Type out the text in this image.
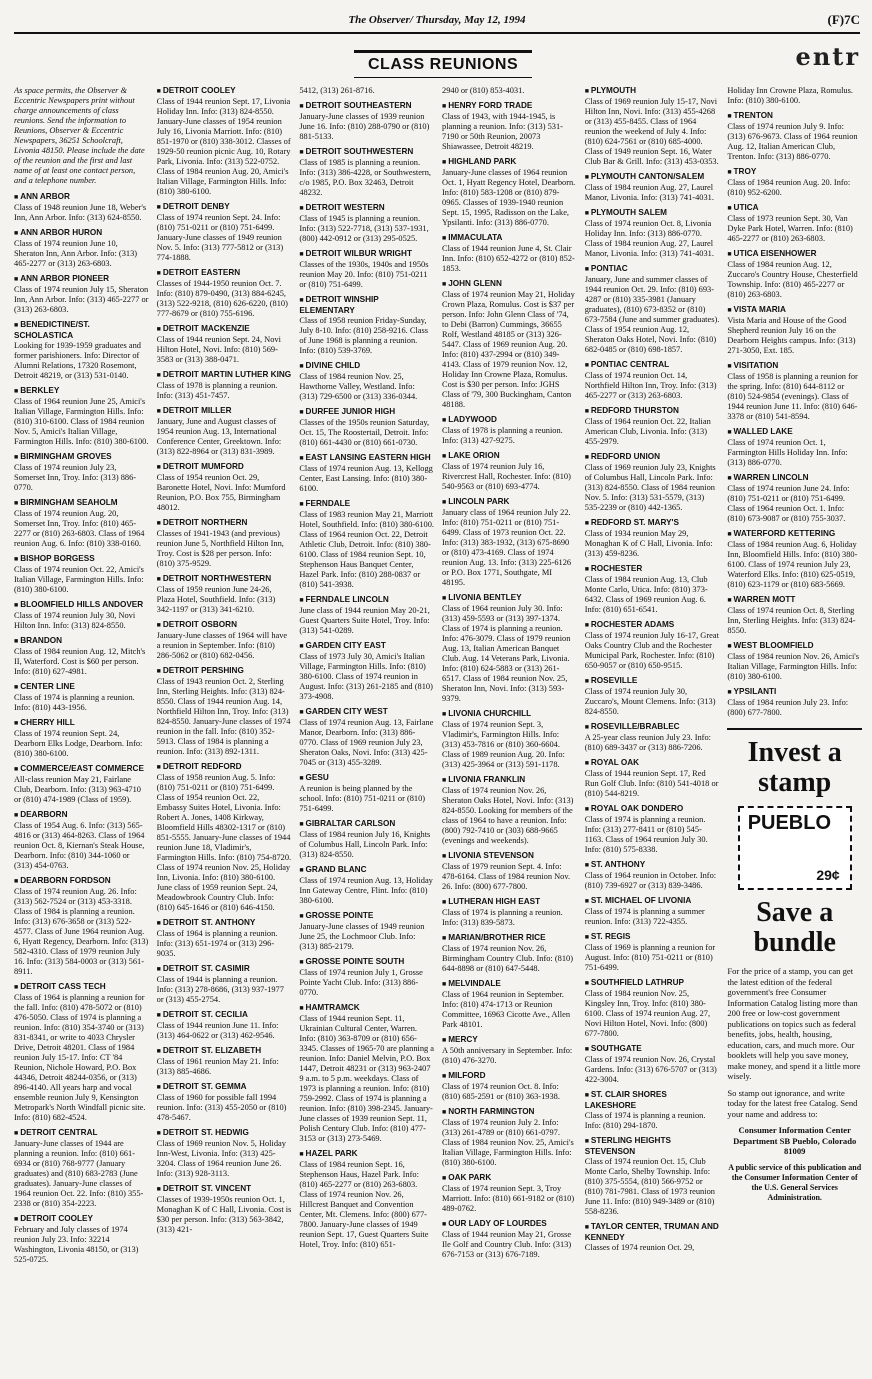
The Observer/ Thursday, May 12, 1994	(F)7C
CLASS REUNIONS	entr
As space permits, the Observer & Eccentric Newspapers print without charge announcements of class reunions. Send the information to Reunions, Observer & Eccentric Newspapers, 36251 Schoolcraft, Livonia 48150. Please include the date of the reunion and the first and last name of at least one contact person, and a telephone number.
■ ANN ARBOR

Class of 1948 reunion June 18, Weber's Inn, Ann Arbor. Info: (313) 624-8550.

■ ANN ARBOR HURON

Class of 1974 reunion June 10, Sheraton Inn, Ann Arbor. Info: (313) 465-2277 or (313) 263-6803.

■ ANN ARBOR PIONEER

Class of 1974 reunion July 15, Sheraton Inn, Ann Arbor. Info: (313) 465-2277 or (313) 263-6803.

■ BENEDICTINE/ST. SCHOLASTICA

Looking for 1939-1959 graduates and former parishioners. Info: Director of Alumni Relations, 17320 Rosemont, Detroit 48219, or (313) 531-0140.

■ BERKLEY

Class of 1964 reunion June 25, Amici's Italian Village, Farmington Hills. Info: (810) 310-6100. Class of 1984 reunion Nov. 5, Amici's Italian Village, Farmington Hills. Info: (810) 380-6100.

■ BIRMINGHAM GROVES

Class of 1974 reunion July 23, Somerset Inn, Troy. Info: (313) 886-0770.

■ BIRMINGHAM SEAHOLM

Class of 1974 reunion Aug. 20, Somerset Inn, Troy. Info: (810) 465-2277 or (810) 263-6803. Class of 1964 reunion Aug. 6. Info: (810) 338-0160.

■ BISHOP BORGESS

Class of 1974 reunion Oct. 22, Amici's Italian Village, Farmington Hills. Info: (810) 380-6100.

■ BLOOMFIELD HILLS ANDOVER

Class of 1974 reunion July 30, Novi Hilton Inn. Info: (313) 824-8550.

■ BRANDON

Class of 1984 reunion Aug. 12, Mitch's II, Waterford. Cost is $60 per person. Info: (810) 627-4981.

■ CENTER LINE

Class of 1974 is planning a reunion. Info: (810) 443-1956.

■ CHERRY HILL

Class of 1974 reunion Sept. 24, Dearborn Elks Lodge, Dearborn. Info: (810) 380-6100.

■ COMMERCE/EAST COMMERCE

All-class reunion May 21, Fairlane Club, Dearborn. Info: (313) 963-4710 or (810) 474-1989 (Class of 1959).

■ DEARBORN

Class of 1954 Aug. 6. Info: (313) 565-4816 or (313) 464-8263. Class of 1964 reunion Oct. 8, Kiernan's Steak House, Dearborn. Info: (810) 344-1060 or (313) 454-0763.

■ DEARBORN FORDSON

Class of 1974 reunion Aug. 26. Info: (313) 562-7524 or (313) 453-3318. Class of 1984 is planning a reunion. Info: (313) 676-3658 or (313) 522-4577. Class of June 1964 reunion Aug. 6, Hyatt Regency, Dearborn. Info: (313) 582-4310. Class of 1979 reunion July 16. Info: (313) 584-0003 or (313) 561-8911.

■ DETROIT CASS TECH

Class of 1964 is planning a reunion for the fall. Info: (810) 478-5072 or (810) 476-5050. Class of 1974 is planning a reunion. Info: (810) 354-3740 or (313) 831-8341, or write to 4033 Chrysler Drive, Detroit 48201. Class of 1984 reunion July 15-17. Info: CT '84 Reunion, Nichole Howard, P.O. Box 44346, Detroit 48244-0356, or (313) 896-4140. All years harp and vocal ensemble reunion July 9, Kensington Metropark's North Windfall picnic site. Info: (810) 682-4524.

■ DETROIT CENTRAL

January-June classes of 1944 are planning a reunion. Info: (810) 661-6934 or (810) 768-9777 (January graduates) and (810) 683-2783 (June graduates). January-June classes of 1964 reunion Oct. 22. Info: (810) 355-2338 or (810) 354-2223.

■ DETROIT COOLEY

February and July classes of 1974 reunion July 23. Info: 32214 Washington, Livonia 48150, or (313) 525-0725.

■ DETROIT COOLEY

Class of 1944 reunion Sept. 17, Livonia Holiday Inn. Info: (313) 824-8550. January-June classes of 1954 reunion July 16, Livonia Marriott. Info: (810) 851-1970 or (810) 338-3012. Classes of 1929-50 reunion picnic Aug. 10, Rotary Park, Livonia. Info: (313) 522-0752. Class of 1984 reunion Aug. 20, Amici's Italian Village, Farmington Hills. Info: (810) 380-6100.

■ DETROIT DENBY

Class of 1974 reunion Sept. 24. Info: (810) 751-0211 or (810) 751-6499. January-June classes of 1949 reunion Nov. 5. Info: (313) 777-5812 or (313) 774-1888.

■ DETROIT EASTERN

Classes of 1944-1950 reunion Oct. 7. Info: (810) 879-0490, (313) 884-6245, (313) 522-9218, (810) 626-6220, (810) 777-8679 or (810) 755-6196.

■ DETROIT MACKENZIE

Class of 1944 reunion Sept. 24, Novi Hilton Hotel, Novi. Info: (810) 569-3583 or (313) 388-0471.

■ DETROIT MARTIN LUTHER KING

Class of 1978 is planning a reunion. Info: (313) 451-7457.

■ DETROIT MILLER

January, June and August classes of 1954 reunion Aug. 13, International Conference Center, Greektown. Info: (313) 822-8964 or (313) 831-3989.

■ DETROIT MUMFORD

Class of 1954 reunion Oct. 29, Baronette Hotel, Novi. Info: Mumford Reunion, P.O. Box 755, Birmingham 48012.

■ DETROIT NORTHERN

Classes of 1941-1943 (and previous) reunion June 5, Northfield Hilton Inn, Troy. Cost is $28 per person. Info: (810) 375-9529.

■ DETROIT NORTHWESTERN

Class of 1959 reunion June 24-26, Plaza Hotel, Southfield. Info: (313) 342-1197 or (313) 341-6210.

■ DETROIT OSBORN

January-June classes of 1964 will have a reunion in September. Info: (810) 286-5062 or (810) 682-0456.

■ DETROIT PERSHING

Class of 1943 reunion Oct. 2, Sterling Inn, Sterling Heights. Info: (313) 824-8550. Class of 1944 reunion Aug. 14, Northfield Hilton Inn, Troy. Info: (313) 824-8550. January-June classes of 1974 reunion in the fall. Info: (810) 352-5913. Class of 1984 is planning a reunion. Info: (313) 892-1311.

■ DETROIT REDFORD

Class of 1958 reunion Aug. 5. Info: (810) 751-0211 or (810) 751-6499. Class of 1954 reunion Oct. 22, Embassy Suites Hotel, Livonia. Info: Robert A. Jones, 1408 Kirkway, Bloomfield Hills 48302-1317 or (810) 851-5555. January-June classes of 1944 reunion June 18, Vladimir's, Farmington Hills. Info: (810) 754-8720. Class of 1974 reunion Nov. 25, Holiday Inn, Livonia. Info: (810) 380-6100. June class of 1959 reunion Sept. 24, Meadowbrook Country Club. Info: (810) 645-1646 or (810) 646-4150.

■ DETROIT ST. ANTHONY

Class of 1964 is planning a reunion. Info: (313) 651-1974 or (313) 296-9035.

■ DETROIT ST. CASIMIR

Class of 1944 is planning a reunion. Info: (313) 278-8686, (313) 937-1977 or (313) 455-2754.

■ DETROIT ST. CECILIA

Class of 1944 reunion June 11. Info: (313) 464-0622 or (313) 462-9546.

■ DETROIT ST. ELIZABETH

Class of 1961 reunion May 21. Info: (313) 885-4686.

■ DETROIT ST. GEMMA

Class of 1960 for possible fall 1994 reunion. Info: (313) 455-2050 or (810) 478-5467.

■ DETROIT ST. HEDWIG

Class of 1969 reunion Nov. 5, Holiday Inn-West, Livonia. Info: (313) 425-3204. Class of 1964 reunion June 26. Info: (313) 928-3113.

■ DETROIT ST. VINCENT

Classes of 1939-1950s reunion Oct. 1, Monaghan K of C Hall, Livonia. Cost is $30 per person. Info: (313) 563-3842, (313) 421-

5412, (313) 261-8716.

■ DETROIT SOUTHEASTERN

January-June classes of 1939 reunion June 16. Info: (810) 288-0790 or (810) 881-5133.

■ DETROIT SOUTHWESTERN

Class of 1985 is planning a reunion. Info: (313) 386-4228, or Southwestern, c/o 1985, P.O. Box 32463, Detroit 48232.

■ DETROIT WESTERN

Class of 1945 is planning a reunion. Info: (313) 522-7718, (313) 537-1931, (800) 442-0912 or (313) 295-0525.

■ DETROIT WILBUR WRIGHT

Classes of the 1930s, 1940s and 1950s reunion May 20. Info: (810) 751-0211 or (810) 751-6499.

■ DETROIT WINSHIP ELEMENTARY

Class of 1958 reunion Friday-Sunday, July 8-10. Info: (810) 258-9216. Class of June 1968 is planning a reunion. Info: (810) 539-3769.

■ DIVINE CHILD

Class of 1984 reunion Nov. 25, Hawthorne Valley, Westland. Info: (313) 729-6500 or (313) 336-0344.

■ DURFEE JUNIOR HIGH

Classes of the 1950s reunion Saturday, Oct. 15, The Roostertail, Detroit. Info: (810) 661-4430 or (810) 661-0730.

■ EAST LANSING EASTERN HIGH

Class of 1974 reunion Aug. 13, Kellogg Center, East Lansing. Info: (810) 380-6100.

■ FERNDALE

Class of 1983 reunion May 21, Marriott Hotel, Southfield. Info: (810) 380-6100. Class of 1964 reunion Oct. 22, Detroit Athletic Club, Detroit. Info: (810) 380-6100. Class of 1984 reunion Sept. 10, Stephenson Haus Banquet Center, Hazel Park. Info: (810) 288-0837 or (810) 541-3938.

■ FERNDALE LINCOLN

June class of 1944 reunion May 20-21, Guest Quarters Suite Hotel, Troy. Info: (313) 541-0289.

■ GARDEN CITY EAST

Class of 1973 July 30, Amici's Italian Village, Farmington Hills. Info: (810) 380-6100. Class of 1974 reunion in August. Info: (313) 261-2185 and (810) 373-4908.

■ GARDEN CITY WEST

Class of 1974 reunion Aug. 13, Fairlane Manor, Dearborn. Info: (313) 886-0770. Class of 1969 reunion July 23, Sheraton Oaks, Novi. Info: (313) 425-7045 or (313) 455-3289.

■ GESU

A reunion is being planned by the school. Info: (810) 751-0211 or (810) 751-6499.

■ GIBRALTAR CARLSON

Class of 1984 reunion July 16, Knights of Columbus Hall, Lincoln Park. Info: (313) 824-8550.

■ GRAND BLANC

Class of 1974 reunion Aug. 13, Holiday Inn Gateway Centre, Flint. Info: (810) 380-6100.

■ GROSSE POINTE

January-June classes of 1949 reunion June 25, the Lochmoor Club. Info: (313) 885-2179.

■ GROSSE POINTE SOUTH

Class of 1974 reunion July 1, Grosse Pointe Yacht Club. Info: (313) 886-0770.

■ HAMTRAMCK

Class of 1944 reunion Sept. 11, Ukrainian Cultural Center, Warren. Info: (810) 363-8709 or (810) 656-3345. Classes of 1965-70 are planning a reunion. Info: Daniel Melvin, P.O. Box 1447, Detroit 48231 or (313) 963-2407 9 a.m. to 5 p.m. weekdays. Class of 1973 is planning a reunion. Info: (810) 759-2992. Class of 1974 is planning a reunion. Info: (810) 398-2345. January-June classes of 1939 reunion Sept. 11, Polish Century Club. Info: (810) 477-3153 or (313) 273-5469.

■ HAZEL PARK

Class of 1984 reunion Sept. 16, Stephenson Haus, Hazel Park. Info: (810) 465-2277 or (810) 263-6803. Class of 1974 reunion Nov. 26, Hillcrest Banquet and Convention Center, Mt. Clemens. Info: (800) 677-7800. January-June classes of 1949 reunion Sept. 17, Guest Quarters Suite Hotel, Troy. Info: (810) 651-

2940 or (810) 853-4031.

■ HENRY FORD TRADE

Class of 1943, with 1944-1945, is planning a reunion. Info: (313) 531-7190 or 50th Reunion, 20073 Shiawassee, Detroit 48219.

■ HIGHLAND PARK

January-June classes of 1964 reunion Oct. 1, Hyatt Regency Hotel, Dearborn. Info: (810) 583-1208 or (810) 879-0965. Classes of 1939-1940 reunion Sept. 15, 1995, Radisson on the Lake, Ypsilanti. Info: (313) 886-0770.

■ IMMACULATA

Class of 1944 reunion June 4, St. Clair Inn. Info: (810) 652-4272 or (810) 852-1853.

■ JOHN GLENN

Class of 1974 reunion May 21, Holiday Crown Plaza, Romulus. Cost is $37 per person. Info: John Glenn Class of '74, to Debi (Barron) Cummings, 36655 Rolf, Westland 48185 or (313) 326-5447. Class of 1969 reunion Aug. 20. Info: (810) 437-2994 or (810) 349-4143. Class of 1979 reunion Nov. 12, Holiday Inn Crowne Plaza, Romulus. Cost is $30 per person. Info: JGHS Class of '79, 300 Buckingham, Canton 48188.

■ LADYWOOD

Class of 1978 is planning a reunion. Info: (313) 427-9275.

■ LAKE ORION

Class of 1974 reunion July 16, Rivercrest Hall, Rochester. Info: (810) 540-9563 or (810) 693-4774.

■ LINCOLN PARK

January class of 1964 reunion July 22. Info: (810) 751-0211 or (810) 751-6499. Class of 1973 reunion Oct. 22. Info: (313) 383-1932, (313) 675-8690 or (810) 473-4169. Class of 1974 reunion Aug. 13. Info: (313) 225-6126 or P.O. Box 1771, Southgate, MI 48195.

■ LIVONIA BENTLEY

Class of 1964 reunion July 30. Info: (313) 459-5593 or (313) 397-1374. Class of 1974 is planning a reunion. Info: 476-3079. Class of 1979 reunion Aug. 13, Italian American Banquet Club. Aug. 14 Veterans Park, Livonia. Info: (810) 624-5883 or (313) 261-6517. Class of 1984 reunion Nov. 25, Sheraton Inn, Novi. Info: (313) 593-9379.

■ LIVONIA CHURCHILL

Class of 1974 reunion Sept. 3, Vladimir's, Farmington Hills. Info: (313) 453-7816 or (810) 360-6604. Class of 1989 reunion Aug. 20. Info: (313) 425-3964 or (313) 591-1178.

■ LIVONIA FRANKLIN

Class of 1974 reunion Nov. 26, Sheraton Oaks Hotel, Novi. Info: (313) 824-8550. Looking for members of the class of 1964 to have a reunion. Info: (800) 792-7410 or (303) 688-9665 (evenings and weekends).

■ LIVONIA STEVENSON

Class of 1979 reunion Sept. 4. Info: 478-6164. Class of 1984 reunion Nov. 26. Info: (800) 677-7800.

■ LUTHERAN HIGH EAST

Class of 1974 is planning a reunion. Info: (313) 839-5873.

■ MARIAN/BROTHER RICE

Class of 1974 reunion Nov. 26, Birmingham Country Club. Info: (810) 644-8898 or (810) 647-5448.

■ MELVINDALE

Class of 1964 reunion in September. Info: (810) 474-1713 or Reunion Committee, 16963 Cicotte Ave., Allen Park 48101.

■ MERCY

A 50th anniversary in September. Info: (810) 476-3270.

■ MILFORD

Class of 1974 reunion Oct. 8. Info: (810) 685-2591 or (810) 363-1938.

■ NORTH FARMINGTON

Class of 1974 reunion July 2. Info: (313) 261-4789 or (810) 661-0797. Class of 1984 reunion Nov. 25, Amici's Italian Village, Farmington Hills. Info: (810) 380-6100.

■ OAK PARK

Class of 1974 reunion Sept. 3, Troy Marriott. Info: (810) 661-9182 or (810) 489-0762.

■ OUR LADY OF LOURDES

Class of 1944 reunion May 21, Grosse Ile Golf and Country Club. Info: (313) 676-7153 or (313) 676-7189.

■ PLYMOUTH

Class of 1969 reunion July 15-17, Novi Hilton Inn, Novi. Info: (313) 455-4268 or (313) 455-8455. Class of 1964 reunion the weekend of July 4. Info: (810) 624-7561 or (810) 685-4000. Class of 1949 reunion Sept. 16, Water Club Bar & Grill. Info: (313) 453-0353.

■ PLYMOUTH CANTON/SALEM

Class of 1984 reunion Aug. 27, Laurel Manor, Livonia. Info: (313) 741-4031.

■ PLYMOUTH SALEM

Class of 1974 reunion Oct. 8, Livonia Holiday Inn. Info: (313) 886-0770. Class of 1984 reunion Aug. 27, Laurel Manor, Livonia. Info: (313) 741-4031.

■ PONTIAC

January, June and summer classes of 1944 reunion Oct. 29. Info: (810) 693-4287 or (810) 335-3981 (January graduates), (810) 673-8352 or (810) 673-7584 (June and summer graduates). Class of 1954 reunion Aug. 12, Sheraton Oaks Hotel, Novi. Info: (810) 682-0485 or (810) 698-1857.

■ PONTIAC CENTRAL

Class of 1974 reunion Oct. 14, Northfield Hilton Inn, Troy. Info: (313) 465-2277 or (313) 263-6803.

■ REDFORD THURSTON

Class of 1964 reunion Oct. 22, Italian American Club, Livonia. Info: (313) 455-2979.

■ REDFORD UNION

Class of 1969 reunion July 23, Knights of Columbus Hall, Lincoln Park. Info: (313) 824-8550. Class of 1984 reunion Nov. 5. Info: (313) 531-5579, (313) 535-2239 or (810) 442-1365.

■ REDFORD ST. MARY'S

Class of 1934 reunion May 29, Monaghan K of C Hall, Livonia. Info: (313) 459-8236.

■ ROCHESTER

Class of 1984 reunion Aug. 13, Club Monte Carlo, Utica. Info: (810) 373-6432. Class of 1969 reunion Aug. 6. Info: (810) 651-6541.

■ ROCHESTER ADAMS

Class of 1974 reunion July 16-17, Great Oaks Country Club and the Rochester Municipal Park, Rochester. Info: (810) 650-9057 or (810) 650-9515.

■ ROSEVILLE

Class of 1974 reunion July 30, Zuccaro's, Mount Clemens. Info: (313) 824-8550.

■ ROSEVILLE/BRABLEC

A 25-year class reunion July 23. Info: (810) 689-3437 or (313) 886-7206.

■ ROYAL OAK

Class of 1944 reunion Sept. 17, Red Run Golf Club. Info: (810) 541-4018 or (810) 544-8219.

■ ROYAL OAK DONDERO

Class of 1974 is planning a reunion. Info: (313) 277-8411 or (810) 545-1163. Class of 1964 reunion July 30. Info: (810) 575-8338.

■ ST. ANTHONY

Class of 1964 reunion in October. Info: (810) 739-6927 or (313) 839-3486.

■ ST. MICHAEL OF LIVONIA

Class of 1974 is planning a summer reunion. Info: (313) 722-4355.

■ ST. REGIS

Class of 1969 is planning a reunion for August. Info: (810) 751-0211 or (810) 751-6499.

■ SOUTHFIELD LATHRUP

Class of 1984 reunion Nov. 25, Kingsley Inn, Troy. Info: (810) 380-6100. Class of 1974 reunion Aug. 27, Novi Hilton Hotel, Novi. Info: (800) 677-7800.

■ SOUTHGATE

Class of 1974 reunion Nov. 26, Crystal Gardens. Info: (313) 676-5707 or (313) 422-3004.

■ ST. CLAIR SHORES LAKESHORE

Class of 1974 is planning a reunion. Info: (810) 294-1870.

■ STERLING HEIGHTS STEVENSON

Class of 1974 reunion Oct. 15, Club Monte Carlo, Shelby Township. Info: (810) 375-5554, (810) 566-9752 or (810) 781-7981. Class of 1973 reunion June 11. Info: (810) 949-3489 or (810) 558-8236.

■ TAYLOR CENTER, TRUMAN AND KENNEDY

Classes of 1974 reunion Oct. 29,

Holiday Inn Crowne Plaza, Romulus. Info: (810) 380-6100.

■ TRENTON

Class of 1974 reunion July 9. Info: (313) 676-9673. Class of 1964 reunion Aug. 12, Italian American Club, Trenton. Info: (313) 886-0770.

■ TROY

Class of 1984 reunion Aug. 20. Info: (810) 952-6200.

■ UTICA

Class of 1973 reunion Sept. 30, Van Dyke Park Hotel, Warren. Info: (810) 465-2277 or (810) 263-6803.

■ UTICA EISENHOWER

Class of 1984 reunion Aug. 12, Zuccaro's Country House, Chesterfield Township. Info: (810) 465-2277 or (810) 263-6803.

■ VISTA MARIA

Vista Maria and House of the Good Shepherd reunion July 16 on the Dearborn Heights campus. Info: (313) 271-3050, Ext. 185.

■ VISITATION

Class of 1958 is planning a reunion for the spring. Info: (810) 644-8112 or (810) 524-9854 (evenings). Class of 1944 reunion June 11. Info: (810) 646-3378 or (810) 541-8594.

■ WALLED LAKE

Class of 1974 reunion Oct. 1, Farmington Hills Holiday Inn. Info: (313) 886-0770.

■ WARREN LINCOLN

Class of 1974 reunion June 24. Info: (810) 751-0211 or (810) 751-6499. Class of 1964 reunion Oct. 1. Info: (810) 673-9087 or (810) 755-3037.

■ WATERFORD KETTERING

Class of 1984 reunion Aug. 6, Holiday Inn, Bloomfield Hills. Info: (810) 380-6100. Class of 1974 reunion July 23, Waterford Elks. Info: (810) 625-0519, (810) 623-1179 or (810) 683-5669.

■ WARREN MOTT

Class of 1974 reunion Oct. 8, Sterling Inn, Sterling Heights. Info: (313) 824-8550.

■ WEST BLOOMFIELD

Class of 1984 reunion Nov. 26, Amici's Italian Village, Farmington Hills. Info: (810) 380-6100.

■ YPSILANTI

Class of 1984 reunion July 23. Info: (800) 677-7800.

Invest a stamp
PUEBLO
29¢
Save a bundle

For the price of a stamp, you can get the latest edition of the federal government's free Consumer Information Catalog listing more than 200 free or low-cost government publications on topics such as federal benefits, jobs, health, housing, education, cars, and much more. Our booklets will help you save money, make money, and spend it a little more wisely.

So stamp out ignorance, and write today for the latest free Catalog. Send your name and address to:

Consumer Information Center Department SB Pueblo, Colorado 81009

A public service of this publication and the Consumer Information Center of the U.S. General Services Administration.
